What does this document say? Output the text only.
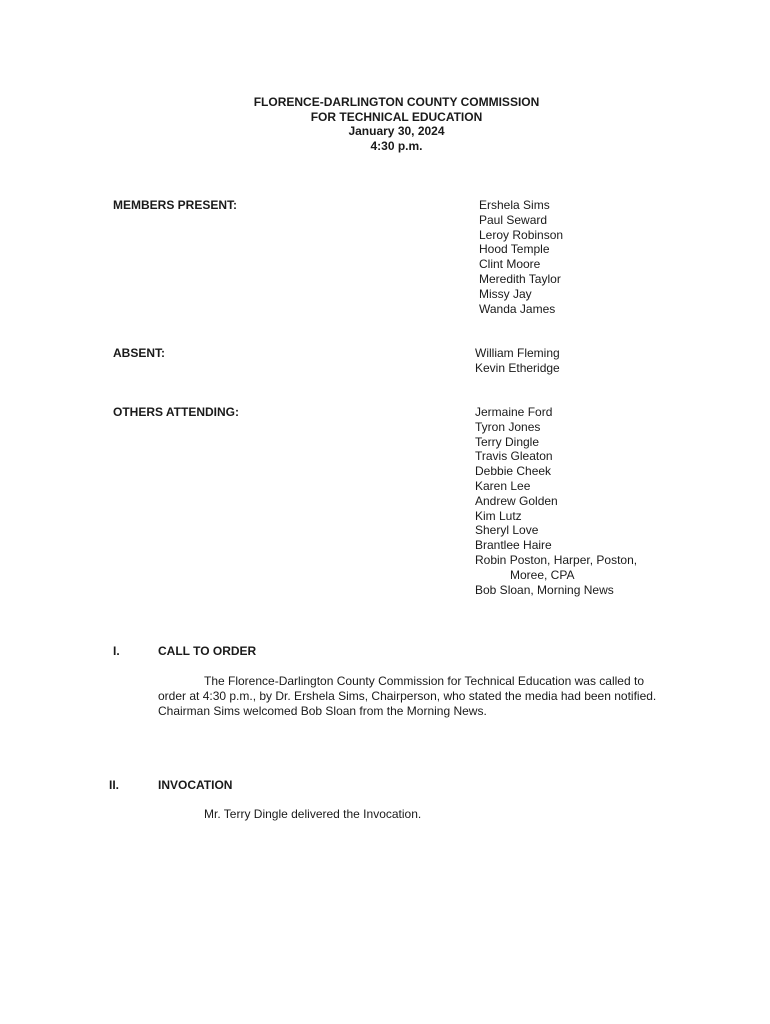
FLORENCE-DARLINGTON COUNTY COMMISSION
FOR TECHNICAL EDUCATION
January 30, 2024
4:30 p.m.
MEMBERS PRESENT:	Ershela Sims
Paul Seward
Leroy Robinson
Hood Temple
Clint Moore
Meredith Taylor
Missy Jay
Wanda James
ABSENT:	William Fleming
Kevin Etheridge
OTHERS ATTENDING:	Jermaine Ford
Tyron Jones
Terry Dingle
Travis Gleaton
Debbie Cheek
Karen Lee
Andrew Golden
Kim Lutz
Sheryl Love
Brantlee Haire
Robin Poston, Harper, Poston,
Moree, CPA
Bob Sloan, Morning News
I.	CALL TO ORDER
The Florence-Darlington County Commission for Technical Education was called to order at 4:30 p.m., by Dr. Ershela Sims, Chairperson, who stated the media had been notified. Chairman Sims welcomed Bob Sloan from the Morning News.
II.	INVOCATION
Mr. Terry Dingle delivered the Invocation.
